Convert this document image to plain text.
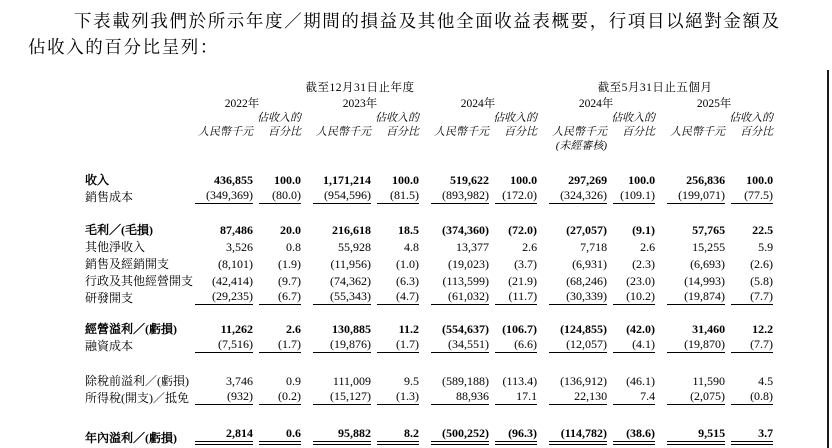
下表載列我們於所示年度／期間的損益及其他全面收益表概要，行項目以絕對金額及
佔收入的百分比呈列：
	截至12月31日止年度						截至5月31日止五個月			
	2022年		2023年		2024年		2024年		2025年	
		佔收入的		佔收入的		佔收入的		佔收入的		佔收入的
	人民幣千元	百分比	人民幣千元	百分比	人民幣千元	百分比	人民幣千元	百分比	人民幣千元	百分比
							(未經審核)			

收入	436,855	100.0	1,171,214	100.0	519,622	100.0	297,269	100.0	256,836	100.0
銷售成本	(349,369)	(80.0)	(954,596)	(81.5)	(893,982)	(172.0)	(324,326)	(109.1)	(199,071)	(77.5)

毛利／(毛損)	87,486	20.0	216,618	18.5	(374,360)	(72.0)	(27,057)	(9.1)	57,765	22.5
其他淨收入	3,526	0.8	55,928	4.8	13,377	2.6	7,718	2.6	15,255	5.9
銷售及經銷開支	(8,101)	(1.9)	(11,956)	(1.0)	(19,023)	(3.7)	(6,931)	(2.3)	(6,693)	(2.6)
行政及其他經營開支	(42,414)	(9.7)	(74,362)	(6.3)	(113,599)	(21.9)	(68,246)	(23.0)	(14,993)	(5.8)
研發開支	(29,235)	(6.7)	(55,343)	(4.7)	(61,032)	(11.7)	(30,339)	(10.2)	(19,874)	(7.7)

經營溢利／(虧損)	11,262	2.6	130,885	11.2	(554,637)	(106.7)	(124,855)	(42.0)	31,460	12.2
融資成本	(7,516)	(1.7)	(19,876)	(1.7)	(34,551)	(6.6)	(12,057)	(4.1)	(19,870)	(7.7)

除稅前溢利／(虧損)	3,746	0.9	111,009	9.5	(589,188)	(113.4)	(136,912)	(46.1)	11,590	4.5
所得稅(開支)／抵免	(932)	(0.2)	(15,127)	(1.3)	88,936	17.1	22,130	7.4	(2,075)	(0.8)

年內溢利／(虧損)	2,814	0.6	95,882	8.2	(500,252)	(96.3)	(114,782)	(38.6)	9,515	3.7
